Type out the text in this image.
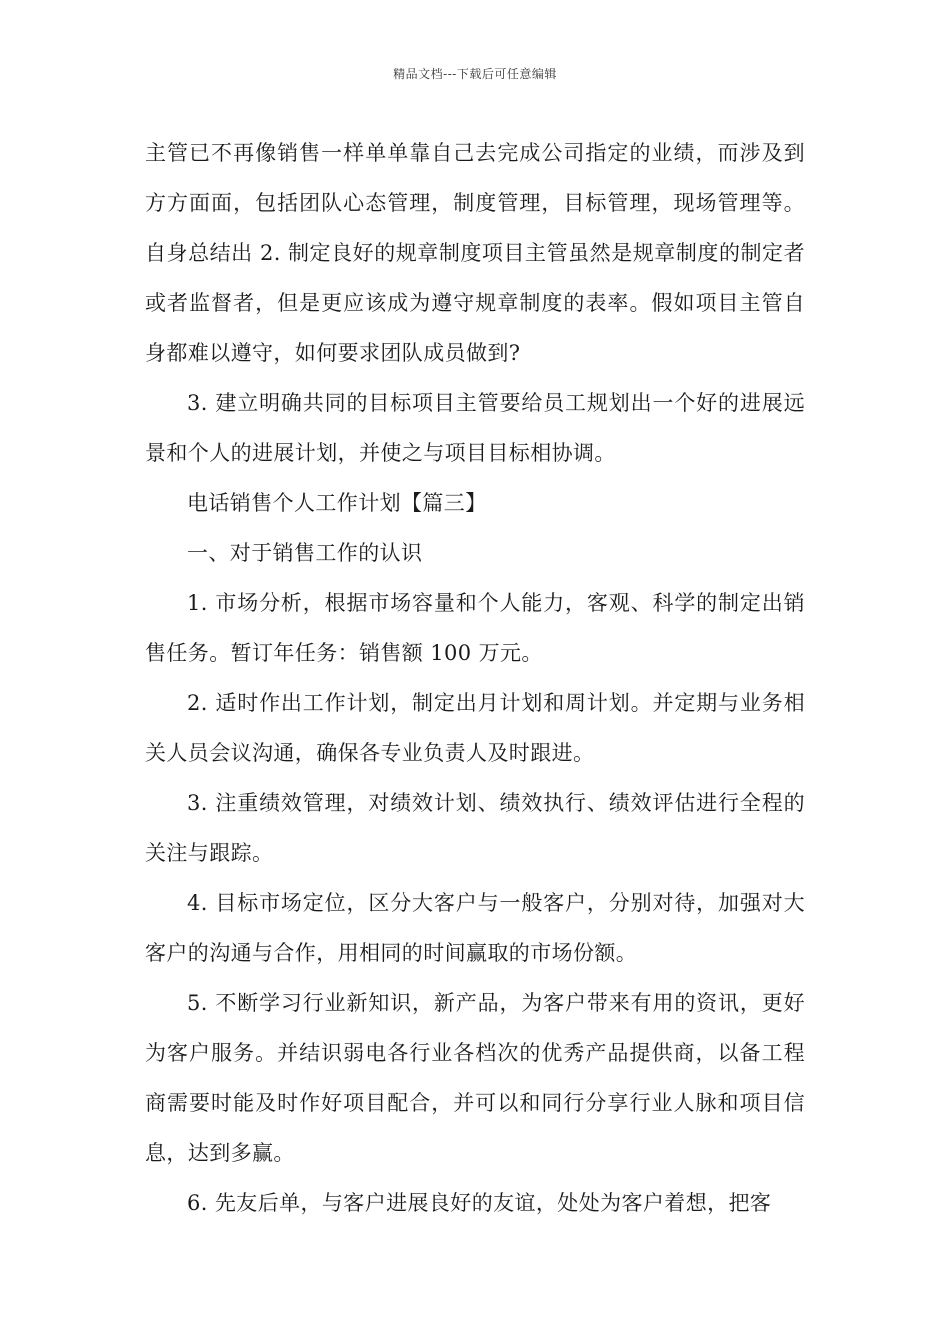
精品文档---下载后可任意编辑

主管已不再像销售一样单单靠自己去完成公司指定的业绩，而涉及到方方面面，包括团队心态管理，制度管理，目标管理，现场管理等。自身总结出 2. 制定良好的规章制度项目主管虽然是规章制度的制定者或者监督者，但是更应该成为遵守规章制度的表率。假如项目主管自身都难以遵守，如何要求团队成员做到?

3. 建立明确共同的目标项目主管要给员工规划出一个好的进展远景和个人的进展计划，并使之与项目目标相协调。

电话销售个人工作计划【篇三】

一、对于销售工作的认识

1. 市场分析，根据市场容量和个人能力，客观、科学的制定出销售任务。暂订年任务：销售额 100 万元。

2. 适时作出工作计划，制定出月计划和周计划。并定期与业务相关人员会议沟通，确保各专业负责人及时跟进。

3. 注重绩效管理，对绩效计划、绩效执行、绩效评估进行全程的关注与跟踪。

4. 目标市场定位，区分大客户与一般客户，分别对待，加强对大客户的沟通与合作，用相同的时间赢取的市场份额。

5. 不断学习行业新知识，新产品，为客户带来有用的资讯，更好为客户服务。并结识弱电各行业各档次的优秀产品提供商，以备工程商需要时能及时作好项目配合，并可以和同行分享行业人脉和项目信息，达到多赢。

6. 先友后单，与客户进展良好的友谊，处处为客户着想，把客
